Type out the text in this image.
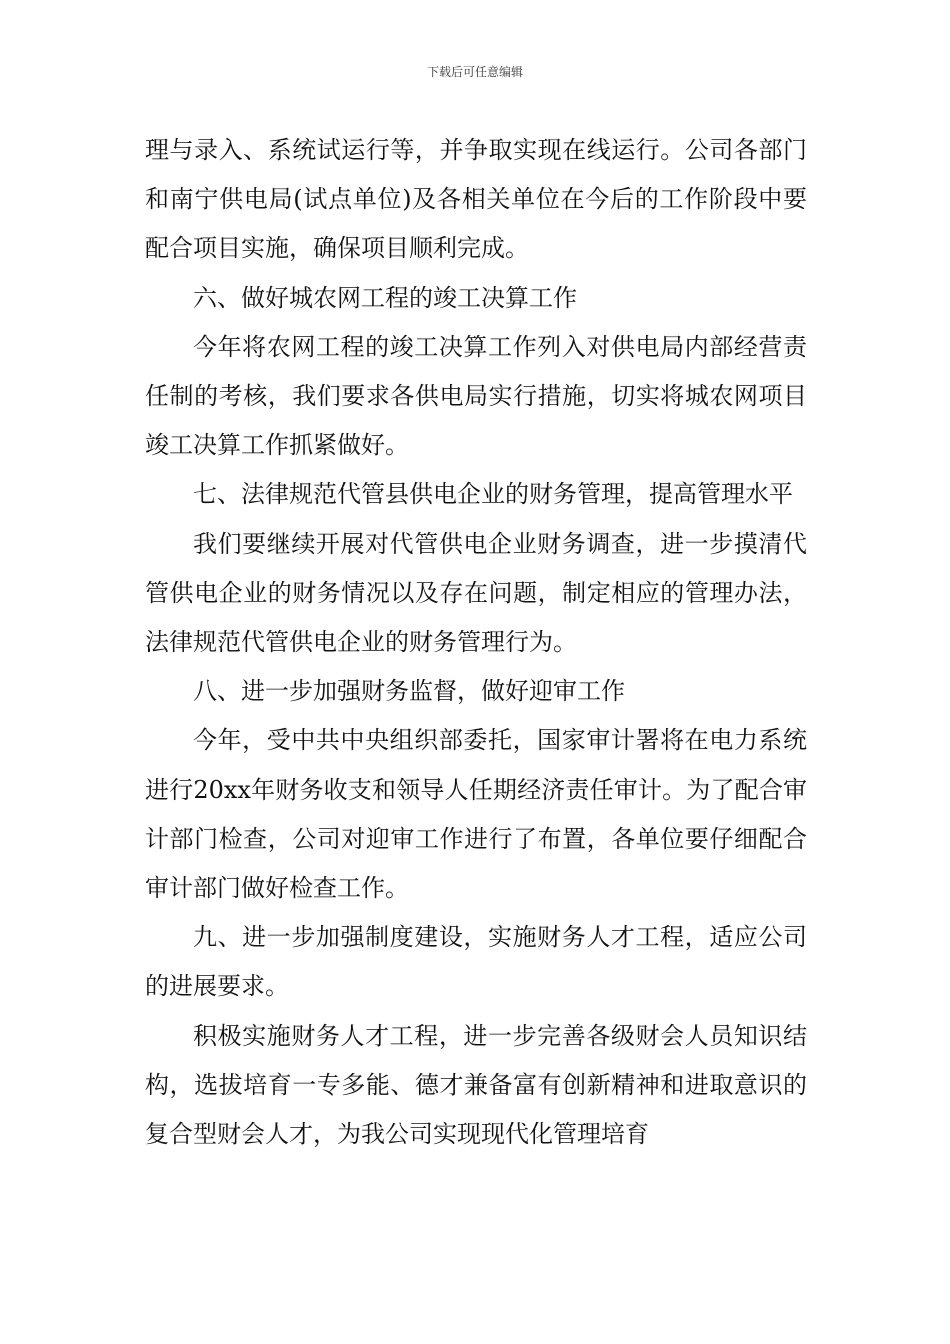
下载后可任意编辑

理与录入、系统试运行等，并争取实现在线运行。公司各部门和南宁供电局(试点单位)及各相关单位在今后的工作阶段中要配合项目实施，确保项目顺利完成。

六、做好城农网工程的竣工决算工作

今年将农网工程的竣工决算工作列入对供电局内部经营责任制的考核，我们要求各供电局实行措施，切实将城农网项目竣工决算工作抓紧做好。

七、法律规范代管县供电企业的财务管理，提高管理水平

我们要继续开展对代管供电企业财务调查，进一步摸清代管供电企业的财务情况以及存在问题，制定相应的管理办法，法律规范代管供电企业的财务管理行为。

八、进一步加强财务监督，做好迎审工作

今年，受中共中央组织部委托，国家审计署将在电力系统进行20xx年财务收支和领导人任期经济责任审计。为了配合审计部门检查，公司对迎审工作进行了布置，各单位要仔细配合审计部门做好检查工作。

九、进一步加强制度建设，实施财务人才工程，适应公司的进展要求。

积极实施财务人才工程，进一步完善各级财会人员知识结构，选拔培育一专多能、德才兼备富有创新精神和进取意识的复合型财会人才，为我公司实现现代化管理培育
